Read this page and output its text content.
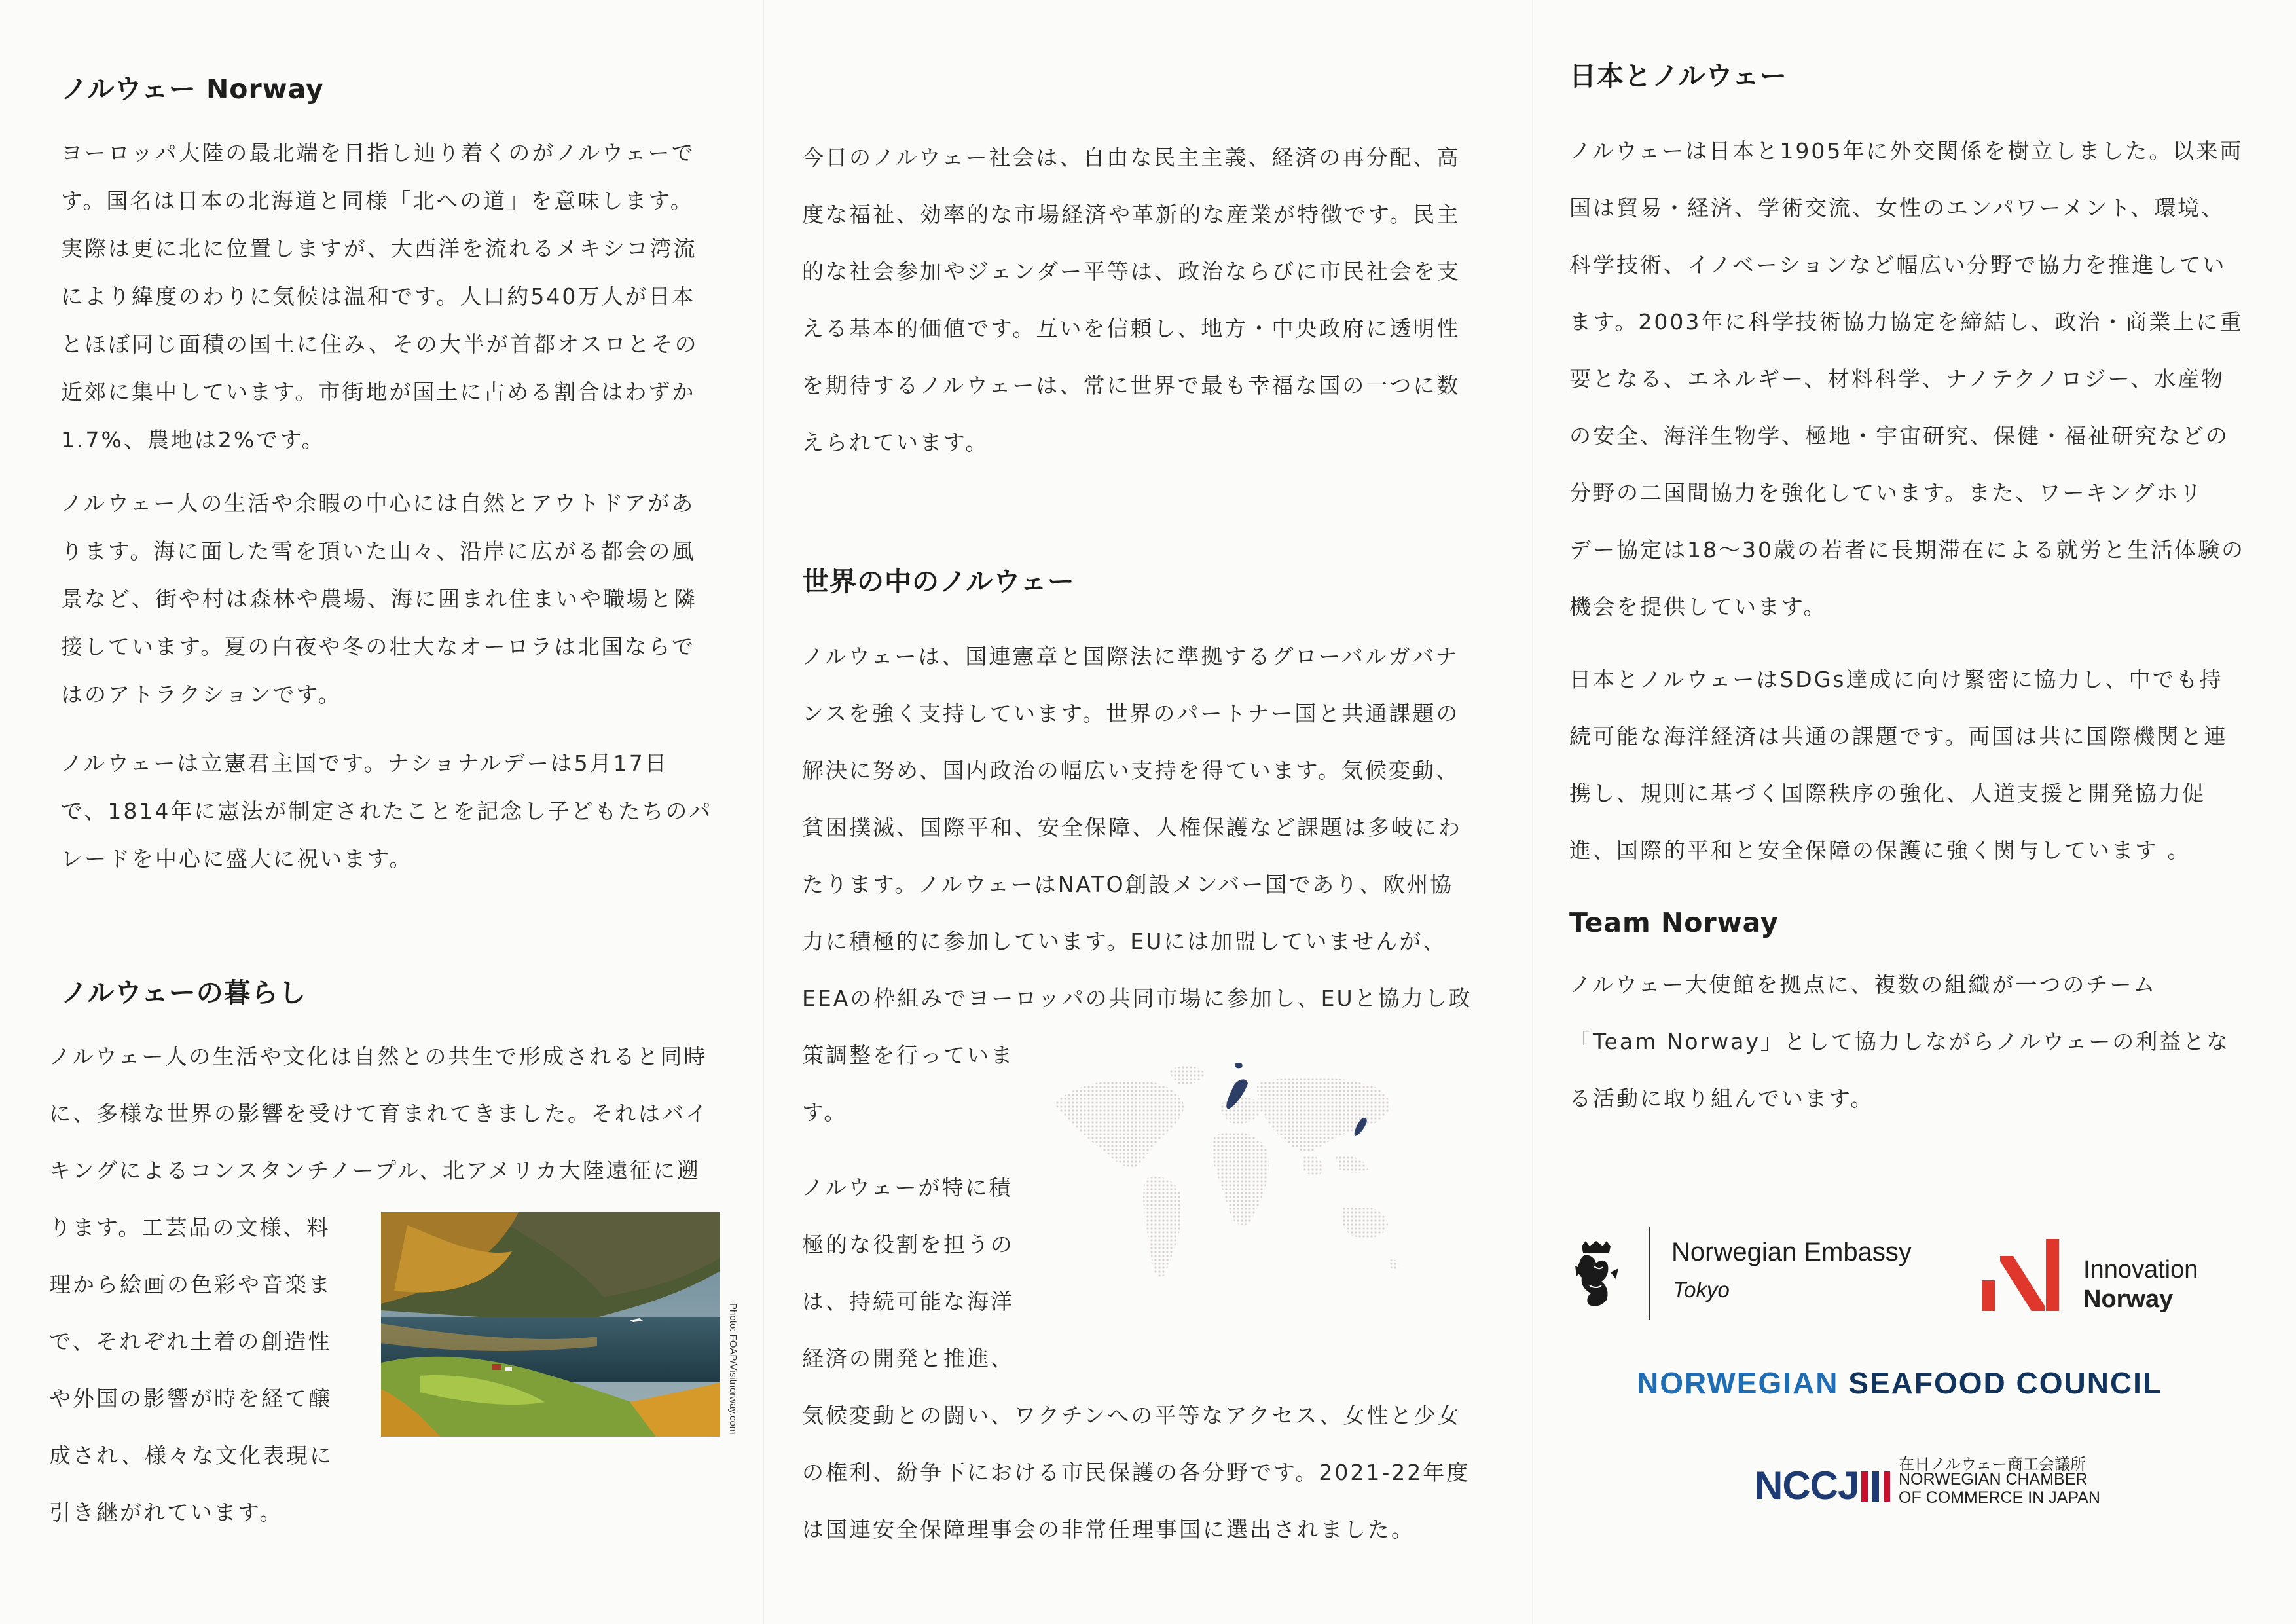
ノルウェー Norway
ヨーロッパ大陸の最北端を目指し辿り着くのがノルウェーで
す。国名は日本の北海道と同様「北への道」を意味します。
実際は更に北に位置しますが、大西洋を流れるメキシコ湾流
により緯度のわりに気候は温和です。人口約540万人が日本
とほぼ同じ面積の国土に住み、その大半が首都オスロとその
近郊に集中しています。市街地が国土に占める割合はわずか
1.7%、農地は2%です。
ノルウェー人の生活や余暇の中心には自然とアウトドアがあ
ります。海に面した雪を頂いた山々、沿岸に広がる都会の風
景など、街や村は森林や農場、海に囲まれ住まいや職場と隣
接しています。夏の白夜や冬の壮大なオーロラは北国ならで
はのアトラクションです。
ノルウェーは立憲君主国です。ナショナルデーは5月17日
で、1814年に憲法が制定されたことを記念し子どもたちのパ
レードを中心に盛大に祝います。
ノルウェーの暮らし
ノルウェー人の生活や文化は自然との共生で形成されると同時
に、多様な世界の影響を受けて育まれてきました。それはバイ
キングによるコンスタンチノープル、北アメリカ大陸遠征に遡
ります。工芸品の文様、料
理から絵画の色彩や音楽ま
で、それぞれ土着の創造性
や外国の影響が時を経て醸
成され、様々な文化表現に
引き継がれています。
Photo: FOAP/Visitnorway.com
今日のノルウェー社会は、自由な民主主義、経済の再分配、高
度な福祉、効率的な市場経済や革新的な産業が特徴です。民主
的な社会参加やジェンダー平等は、政治ならびに市民社会を支
える基本的価値です。互いを信頼し、地方・中央政府に透明性
を期待するノルウェーは、常に世界で最も幸福な国の一つに数
えられています。
世界の中のノルウェー
ノルウェーは、国連憲章と国際法に準拠するグローバルガバナ
ンスを強く支持しています。世界のパートナー国と共通課題の
解決に努め、国内政治の幅広い支持を得ています。気候変動、
貧困撲滅、国際平和、安全保障、人権保護など課題は多岐にわ
たります。ノルウェーはNATO創設メンバー国であり、欧州協
力に積極的に参加しています。EUには加盟していませんが、
EEAの枠組みでヨーロッパの共同市場に参加し、EUと協力し政
策調整を行っていま
す。
ノルウェーが特に積
極的な役割を担うの
は、持続可能な海洋
経済の開発と推進、
気候変動との闘い、ワクチンへの平等なアクセス、女性と少女
の権利、紛争下における市民保護の各分野です。2021-22年度
は国連安全保障理事会の非常任理事国に選出されました。
日本とノルウェー
ノルウェーは日本と1905年に外交関係を樹立しました。以来両
国は貿易・経済、学術交流、女性のエンパワーメント、環境、
科学技術、イノベーションなど幅広い分野で協力を推進してい
ます。2003年に科学技術協力協定を締結し、政治・商業上に重
要となる、エネルギー、材料科学、ナノテクノロジー、水産物
の安全、海洋生物学、極地・宇宙研究、保健・福祉研究などの
分野の二国間協力を強化しています。また、ワーキングホリ
デー協定は18～30歳の若者に長期滞在による就労と生活体験の
機会を提供しています。
日本とノルウェーはSDGs達成に向け緊密に協力し、中でも持
続可能な海洋経済は共通の課題です。両国は共に国際機関と連
携し、規則に基づく国際秩序の強化、人道支援と開発協力促
進、国際的平和と安全保障の保護に強く関与しています 。
Team Norway
ノルウェー大使館を拠点に、複数の組織が一つのチーム
「Team Norway」として協力しながらノルウェーの利益とな
る活動に取り組んでいます。
Norwegian Embassy
Tokyo
Innovation
Norway
NORWEGIAN SEAFOOD COUNCIL
NCCJ	在日ノルウェー商工会議所
NORWEGIAN CHAMBER
OF COMMERCE IN JAPAN
